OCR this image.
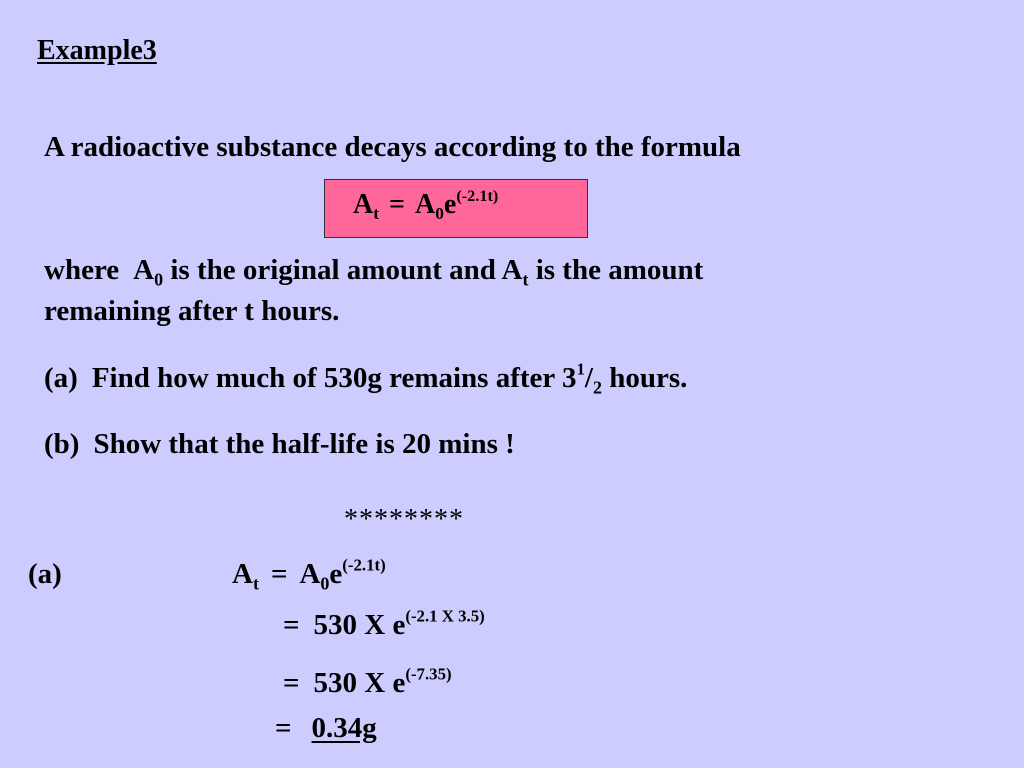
Example3
A radioactive substance decays according to the formula
$A_t = A_0e^{(-2.1t)}$
where $A_0$ is the original amount and $A_t$ is the amount
remaining after t hours.
(a) Find how much of 530g remains after $3^1/_2$ hours.
(b) Show that the half-life is 20 mins !
********
(a)	$A_t = A_0e^{(-2.1t)}$
= 530 X $e^{(-2.1 X 3.5)}$
= 530 X $e^{(-7.35)}$
= 0.34g
